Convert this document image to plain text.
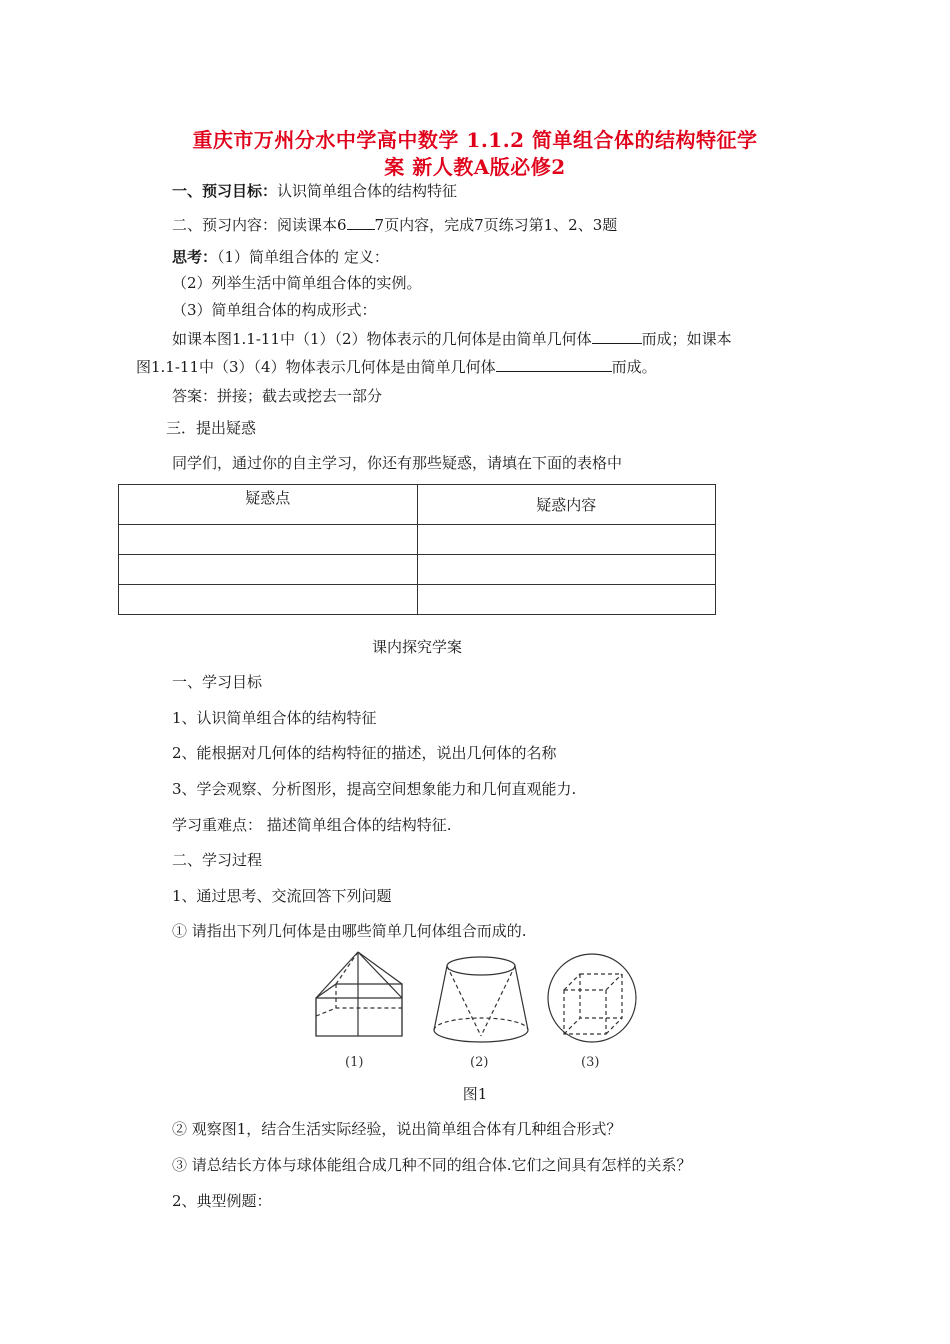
重庆市万州分水中学高中数学 1.1.2 简单组合体的结构特征学
案 新人教A版必修2
一、预习目标：认识简单组合体的结构特征
二、预习内容：阅读课本6 7页内容，完成7页练习第1、2、3题
思考：（1）简单组合体的 定义：
（2）列举生活中简单组合体的实例。
（3）简单组合体的构成形式：
如课本图1.1-11中（1）（2）物体表示的几何体是由简单几何体	而成；如课本
图1.1-11中（3）（4）物体表示几何体是由简单几何体	而成。
答案：拼接；截去或挖去一部分
三．提出疑惑
同学们，通过你的自主学习，你还有那些疑惑，请填在下面的表格中
疑惑点	疑惑内容

课内探究学案
一、学习目标
1、认识简单组合体的结构特征
2、能根据对几何体的结构特征的描述，说出几何体的名称
3、学会观察、分析图形，提高空间想象能力和几何直观能力.
学习重难点： 描述简单组合体的结构特征.
二、学习过程
1、通过思考、交流回答下列问题
① 请指出下列几何体是由哪些简单几何体组合而成的.
(1)	(2)	(3)
图1
② 观察图1，结合生活实际经验，说出简单组合体有几种组合形式？
③ 请总结长方体与球体能组合成几种不同的组合体.它们之间具有怎样的关系？
2、典型例题：
